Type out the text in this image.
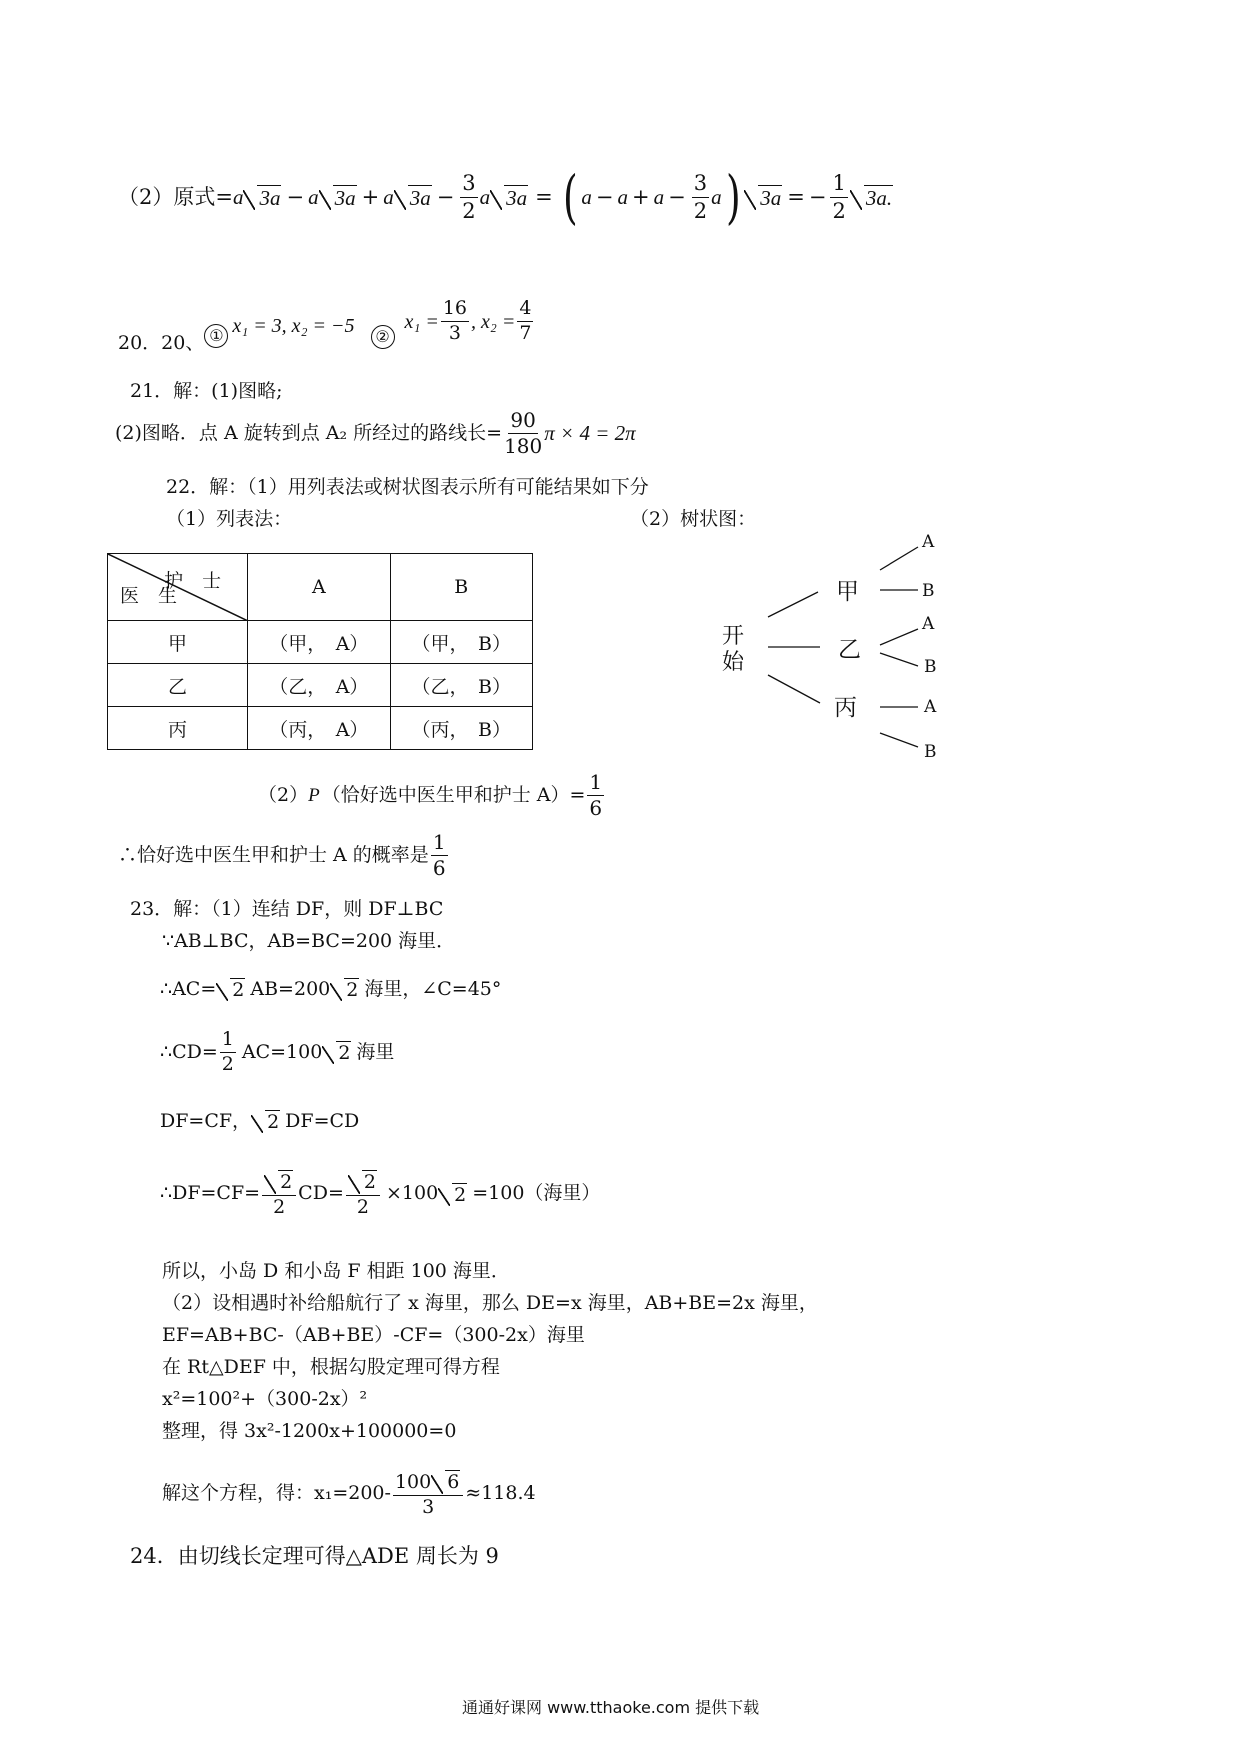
（2）原式= a 3a − a 3a + a $3a - \frac{3}{2}$ a 3a = ( $a - a + a - \frac{3}{2}$ a ) 3a = − $\frac{1}{2} 3a$.
20．20、 ① x₁ = 3, x₂ = −5	②
$x_1 = \frac{16}{3}$ , $x_2 = \frac{4}{7}$
21．解：(1)图略;
(2)图略．点 A 旋转到点 A₂ 所经过的路线长= $\frac{90}{180}$ π × 4 = 2π
22．解：（1）用列表法或树状图表示所有可能结果如下分
（1）列表法：	（2）树状图：
护　士
医　生	A	B
甲	（甲，　A）	（甲，　B）
乙	（乙，　A）	（乙，　B）
丙	（丙，　A）	（丙，　B）
开
始
甲
乙
丙
A
B
A
B
A
B
（2） P （恰好选中医生甲和护士 $A)= \frac{1}{6}$
∴恰好选中医生甲和护士 A 的概率是 $\frac{1}{6}$
23．解：（1）连结 DF，则 DF⊥BC
∵AB⊥BC，AB=BC=200 海里．
∴AC= 2 AB=200 2 海里，∠C=45°
∴CD= $\frac{1}{2} AC=100$ 2 海里
DF=CF， 2 DF=CD
∴DF=CF= $\frac{2}{2} CD= \frac{2}{2} \times 100$ 2 =100（海里）
所以，小岛 D 和小岛 F 相距 100 海里．
（2）设相遇时补给船航行了 x 海里，那么 DE=x 海里，AB+BE=2x 海里，
EF=AB+BC-（AB+BE）-CF=（300-2x）海里
在 Rt△DEF 中，根据勾股定理可得方程
x²=100²+（300-2x）²
整理，得 3x²-1200x+100000=0
解这个方程，得：$x_1=200- \frac{100 6}{3} \approx 118.4$
24．由切线长定理可得△ADE 周长为 9
通通好课网 www.tthaoke.com 提供下载
